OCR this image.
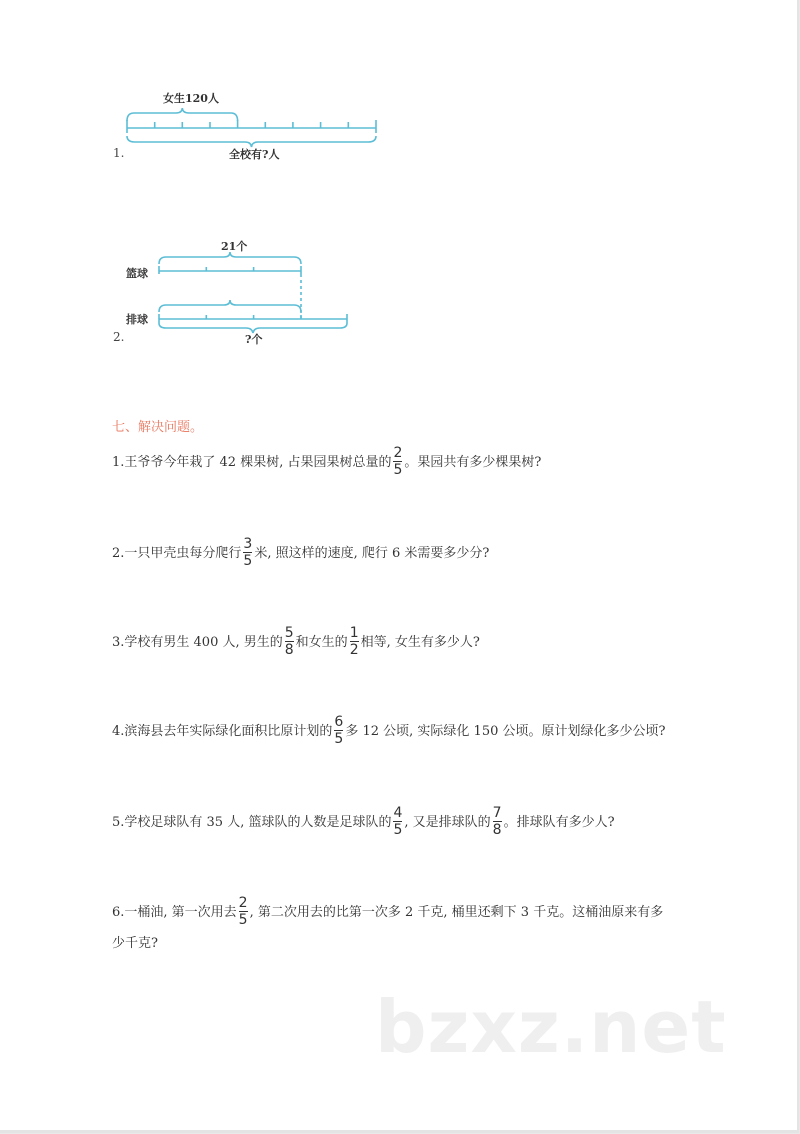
女生120人
全校有?人
1.
21个
篮球
排球
?个
2.
七、解决问题。
1.王爷爷今年栽了 42 棵果树, 占果园果树总量的 $\frac{2}{5}$ 。果园共有多少棵果树?
2.一只甲壳虫每分爬行 $\frac{3}{5}$ 米, 照这样的速度, 爬行 6 米需要多少分?
3.学校有男生 400 人, 男生的 $\frac{5}{8}$ 和女生的 $\frac{1}{2}$ 相等, 女生有多少人?
4.滨海县去年实际绿化面积比原计划的 $\frac{6}{5}$ 多 12 公顷, 实际绿化 150 公顷。原计划绿化多少公顷?
5.学校足球队有 35 人, 篮球队的人数是足球队的 $\frac{4}{5}$ , 又是排球队的 $\frac{7}{8}$ 。排球队有多少人?
6.一桶油, 第一次用去 $\frac{2}{5}$ , 第二次用去的比第一次多 2 千克, 桶里还剩下 3 千克。这桶油原来有多少千克?
bzxz.net
